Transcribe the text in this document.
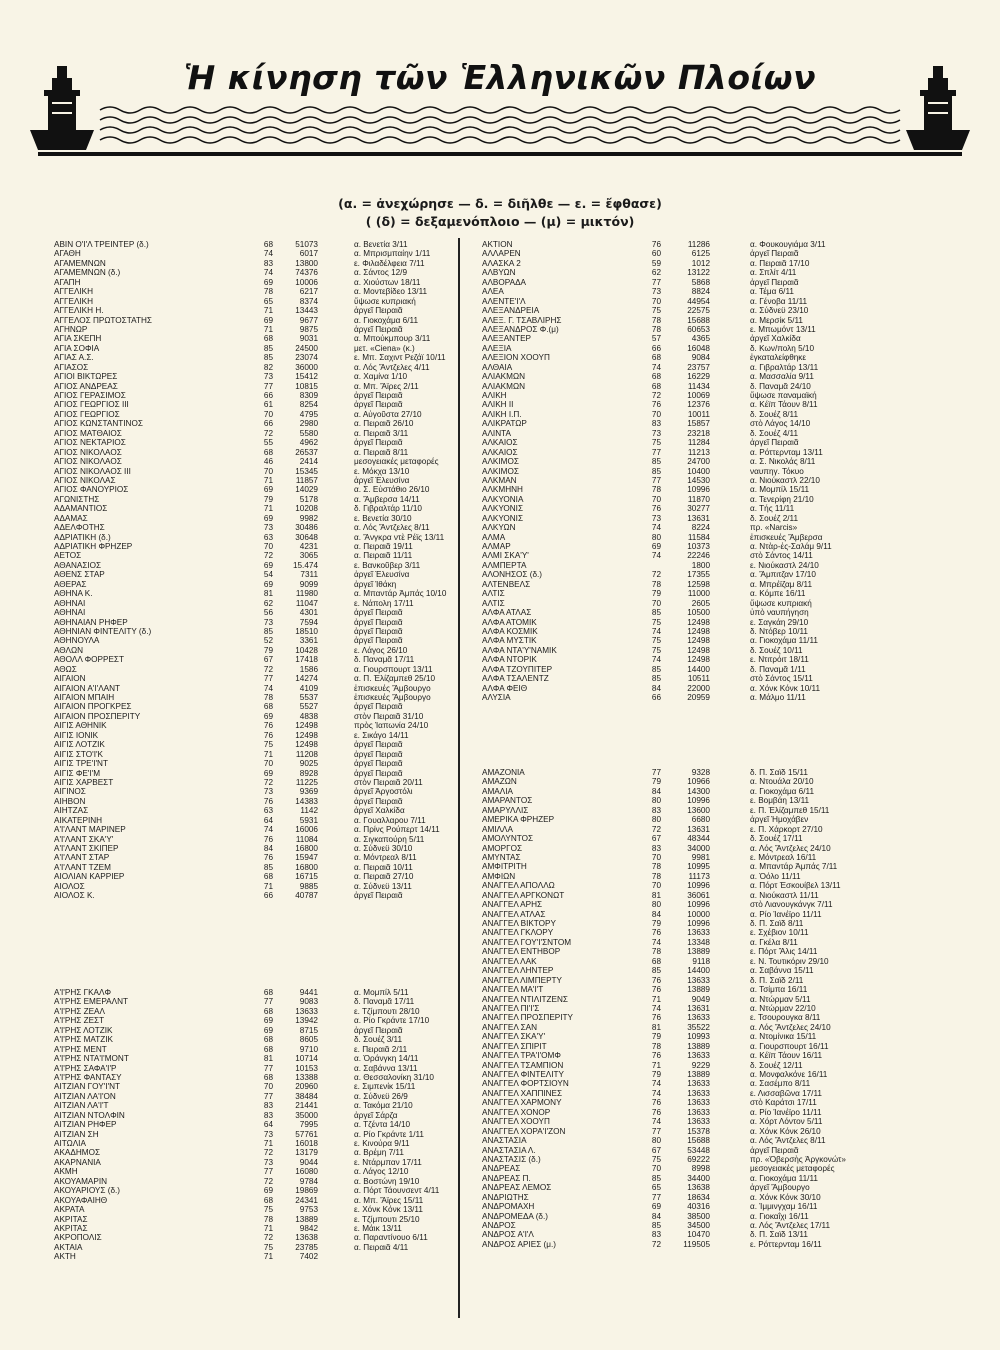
Ἡ κίνηση τῶν Ἑλληνικῶν Πλοίων
(α. = ἀνεχώρησε — δ. = διῆλθε — ε. = ἔφθασε)
( (δ) = δεξαμενόπλοιο — (μ) = μικτόν)
ΑΒΙΝ Ο'Ι'Λ ΤΡΕΙΝΤΕΡ (δ.)	68	51073	α. Βενετία 3/11
ΑΓΑΘΗ	74	6017	α. Μπρισμπαίην 1/11
ΑΓΑΜΕΜΝΩΝ	83	13800	ε. Φιλαδέλφεια 7/11
ΑΓΑΜΕΜΝΩΝ (δ.)	74	74376	α. Σάντος 12/9
ΑΓΑΠΗ	69	10006	α. Χιούστων 18/11
ΑΓΓΕΛΙΚΗ	78	6217	α. Μοντεβίδεο 13/11
ΑΓΓΕΛΙΚΗ	65	8374	ὕψωσε κυπριακή
ΑΓΓΕΛΙΚΗ Η.	71	13443	ἀργεῖ Πειραιᾶ
ΑΓΓΕΛΟΣ ΠΡΩΤΟΣΤΑΤΗΣ	69	9677	α. Γιοκοχάμα 6/11
ΑΓΗΝΩΡ	71	9875	ἀργεῖ Πειραιᾶ
ΑΓΙΑ ΣΚΕΠΗ	68	9031	α. Μπούκμπουρ 3/11
ΑΓΙΑ ΣΟΦΙΑ	85	24500	μετ. «Ciena» (κ.)
ΑΓΙΑΣ Α.Σ.	85	23074	ε. Μπ. Σαχιντ Ρεζάϊ 10/11
ΑΓΙΑΣΟΣ	82	36000	α. Λός Ἄντζελες 4/11
ΑΓΙΟΙ ΒΙΚΤΩΡΕΣ	73	15412	α. Χαμίνα 1/10
ΑΓΙΟΣ ΑΝΔΡΕΑΣ	77	10815	α. Μπ. Ἄϊρες 2/11
ΑΓΙΟΣ ΓΕΡΑΣΙΜΟΣ	66	8309	ἀργεῖ Πειραιᾶ
ΑΓΙΟΣ ΓΕΩΡΓΙΟΣ ΙΙΙ	61	8254	ἀργεῖ Πειραιᾶ
ΑΓΙΟΣ ΓΕΩΡΓΙΟΣ	70	4795	α. Αὐγοῦστα 27/10
ΑΓΙΟΣ ΚΩΝΣΤΑΝΤΙΝΟΣ	66	2980	α. Πειραιᾶ 26/10
ΑΓΙΟΣ ΜΑΤΘΑΙΟΣ	72	5580	α. Πειραιᾶ 3/11
ΑΓΙΟΣ ΝΕΚΤΑΡΙΟΣ	55	4962	ἀργεῖ Πειραιᾶ
ΑΓΙΟΣ ΝΙΚΟΛΑΟΣ	68	26537	α. Πειραιᾶ 8/11
ΑΓΙΟΣ ΝΙΚΟΛΑΟΣ	46	2414	μεσογειακές μεταφορές
ΑΓΙΟΣ ΝΙΚΟΛΑΟΣ ΙΙΙ	70	15345	ε. Μόκχα 13/10
ΑΓΙΟΣ ΝΙΚΟΛΑΣ	71	11857	ἀργεῖ Ἐλευσίνα
ΑΓΙΟΣ ΦΑΝΟΥΡΙΟΣ	69	14029	α. Σ. Εὐστάθιο 26/10
ΑΓΩΝΙΣΤΗΣ	79	5178	α. Ἄμβερσα 14/11
ΑΔΑΜΑΝΤΙΟΣ	71	10208	δ. Γιβραλτάρ 11/10
ΑΔΑΜΑΣ	69	9982	ε. Βενετία 30/10
ΑΔΕΛΦΟΤΗΣ	73	30486	α. Λός Ἄντζελες 8/11
ΑΔΡΙΑΤΙΚΗ (δ.)	63	30648	α. Ἄνγκρα ντὲ Ρέϊς 13/11
ΑΔΡΙΑΤΙΚΗ ΦΡΗΖΕΡ	70	4231	α. Πειραιᾶ 19/11
ΑΕΤΟΣ	72	3065	α. Πειραιᾶ 11/11
ΑΘΑΝΑΣΙΟΣ	69	15.474	ε. Βανκοῦβερ 3/11
ΑΘΕΝΣ ΣΤΑΡ	54	7311	ἀργεῖ Ἐλευσίνα
ΑΘΕΡΑΣ	69	9099	ἀργεῖ Ἰθάκη
ΑΘΗΝΑ Κ.	81	11980	α. Μπαντάρ Ἀμπάς 10/10
ΑΘΗΝΑΙ	62	11047	ε. Νάπολη 17/11
ΑΘΗΝΑΙ	56	4301	ἀργεῖ Πειραιᾶ
ΑΘΗΝΑΙΑΝ ΡΗΦΕΡ	73	7594	ἀργεῖ Πειραιᾶ
ΑΘΗΝΙΑΝ ΦΙΝΤΕΛΙΤΥ (δ.)	85	18510	ἀργεῖ Πειραιᾶ
ΑΘΗΝΟΥΛΑ	52	3361	ἀργεῖ Πειραιᾶ
ΑΘΛΩΝ	79	10428	ε. Λάγος 26/10
ΑΘΟΛΛ ΦΟΡΡΕΣΤ	67	17418	δ. Παναμᾶ 17/11
ΑΘΩΣ	72	1586	α. Γιουρσπουρτ 13/11
ΑΙΓΑΙΟΝ	77	14274	α. Π. Ἐλίζαμπεθ 25/10
ΑΙΓΑΙΟΝ Α'Ι'ΛΑΝΤ	74	4109	ἐπισκευές Ἄμβουργο
ΑΙΓΑΙΟΝ ΜΠΑΙΗ	78	5537	ἐπισκευές Ἄμβουργο
ΑΙΓΑΙΟΝ ΠΡΟΓΚΡΕΣ	68	5527	ἀργεῖ Πειραιᾶ
ΑΙΓΑΙΟΝ ΠΡΟΣΠΕΡΙΤΥ	69	4838	στὸν Πειραιᾶ 31/10
ΑΙΓΙΣ ΑΘΗΝΙΚ	76	12498	πρὸς Ἰαπωνία 24/10
ΑΙΓΙΣ ΙΟΝΙΚ	76	12498	ε. Σικάγο 14/11
ΑΙΓΙΣ ΛΟΤΖΙΚ	75	12498	ἀργεῖ Πειραιᾶ
ΑΙΓΙΣ ΣΤΟ'Ι'Κ	71	11208	ἀργεῖ Πειραιᾶ
ΑΙΓΙΣ ΤΡΕ'Ι'ΝΤ	70	9025	ἀργεῖ Πειραιᾶ
ΑΙΓΙΣ ΦΕ'Ι'Μ	69	8928	ἀργεῖ Πειραιᾶ
ΑΙΓΙΣ ΧΑΡΒΕΣΤ	72	11225	στὸν Πειραιᾶ 20/11
ΑΙΓΙΝΟΣ	73	9369	ἀργεῖ Ἀργοστόλι
ΑΙΗΒΟΝ	76	14383	ἀργεῖ Πειραιᾶ
ΑΙΗΤΖΑΣ	63	1142	ἀργεῖ Χαλκίδα
ΑΙΚΑΤΕΡΙΝΗ	64	5931	α. Γουαλλαρου 7/11
Α'Ι'ΛΑΝΤ ΜΑΡΙΝΕΡ	74	16006	α. Πρίνς Ρούπερτ 14/11
Α'Ι'ΛΑΝΤ ΣΚΑ'Υ'	76	11084	α. Σιγκαπούρη 5/11
Α'Ι'ΛΑΝΤ ΣΚΙΠΕΡ	84	16800	α. Σύδνεϋ 30/10
Α'Ι'ΛΑΝΤ ΣΤΑΡ	76	15947	α. Μόντρεαλ 8/11
Α'Ι'ΛΑΝΤ ΤΖΕΜ	85	16800	α. Πειραιᾶ 10/11
ΑΙΟΛΙΑΝ ΚΑΡΡΙΕΡ	68	16715	α. Πειραιᾶ 27/10
ΑΙΟΛΟΣ	71	9885	α. Σύδνεϋ 13/11
ΑΙΟΛΟΣ Κ.	66	40787	ἀργεῖ Πειραιᾶ
Α'Ι'ΡΗΣ ΓΚΑΛΦ	68	9441	α. Μομπίλ 5/11
Α'Ι'ΡΗΣ ΕΜΕΡΑΛΝΤ	77	9083	δ. Παναμᾶ 17/11
Α'Ι'ΡΗΣ ΖΕΑΛ	68	13633	ε. Τζίμπουτι 28/10
Α'Ι'ΡΗΣ ΖΕΣΤ	69	13942	α. Ρίο Γκράντε 17/10
Α'Ι'ΡΗΣ ΛΟΤΖΙΚ	69	8715	ἀργεῖ Πειραιᾶ
Α'Ι'ΡΗΣ ΜΑΤΖΙΚ	68	8605	δ. Σουέζ 3/11
Α'Ι'ΡΗΣ ΜΕΝΤ	68	9710	ε. Πειραιᾶ 2/11
Α'Ι'ΡΗΣ ΝΤΑ'Ι'ΜΟΝΤ	81	10714	α. Ὀράνγκη 14/11
Α'Ι'ΡΗΣ ΣΑΦΑ'Ι'Ρ	77	10153	α. Σαβάννα 13/11
Α'Ι'ΡΗΣ ΦΑΝΤΑΣΥ	68	13388	α. Θεσσαλονίκη 31/10
ΑΙΤΖΙΑΝ ΓΟΥ'Ι'ΝΤ	70	20960	ε. Σιμπενίκ 15/11
ΑΙΤΖΙΑΝ ΛΑ'Ι'ΟΝ	77	38484	α. Σύδνεϋ 26/9
ΑΙΤΖΙΑΝ ΛΑ'Ι'Τ	83	21441	α. Τακόμα 21/10
ΑΙΤΖΙΑΝ ΝΤΟΛΦΙΝ	83	35000	ἀργεῖ Σάρζα
ΑΙΤΖΙΑΝ ΡΗΦΕΡ	64	7995	α. Τζέντα 14/10
ΑΙΤΖΙΑΝ ΣΗ	73	57761	α. Ρίο Γκράντε 1/11
ΑΙΤΩΛΙΑ	71	16018	ε. Κινούρα 9/11
ΑΚΑΔΗΜΟΣ	72	13179	α. Βρέμη 7/11
ΑΚΑΡΝΑΝΙΑ	73	9044	ε. Ντάρμπαν 17/11
ΑΚΜΗ	77	16080	α. Λάγος 12/10
ΑΚΟΥΑΜΑΡΙΝ	72	9784	α. Βοστώνη 19/10
ΑΚΟΥΑΡΙΟΥΣ (δ.)	69	19869	α. Πόρτ Τάουνσεντ 4/11
ΑΚΟΥΑΦΑΙΗΘ	68	24341	α. Μπ. Ἄϊρες 15/11
ΑΚΡΑΤΑ	75	9753	ε. Χόνκ Κόνκ 13/11
ΑΚΡΙΤΑΣ	78	13889	ε. Τζίμπουτι 25/10
ΑΚΡΙΤΑΣ	71	9842	ε. Μάικ 13/11
ΑΚΡΟΠΟΛΙΣ	72	13638	α. Παραντίνουο 6/11
ΑΚΤΑΙΑ	75	23785	α. Πειραιᾶ 4/11
ΑΚΤΗ	71	7402
ΑΚΤΙΟΝ	76	11286	α. Φουκουγιάμα 3/11
ΑΛΛΑΡΕΝ	60	6125	ἀργεῖ Πειραιᾶ
ΑΛΑΣΚΑ 2	59	1012	α. Πειραιᾶ 17/10
ΑΛΒΥΩΝ	62	13122	α. Σπλίτ 4/11
ΑΛΒΟΡΑΔΑ	77	5868	ἀργεῖ Πειραιᾶ
ΑΛΕΑ	73	8824	α. Τέμα 6/11
ΑΛΕΝΤΕ'Ι'Λ	70	44954	α. Γένοβα 11/11
ΑΛΕΞΑΝΔΡΕΙΑ	75	22575	α. Σύδνεϋ 23/10
ΑΛΕΞ. Γ. ΤΣΑΒΛΙΡΗΣ	78	15688	α. Μερσίκ 5/11
ΑΛΕΞΑΝΔΡΟΣ Φ.(μ)	78	60653	ε. Μπωμόντ 13/11
ΑΛΕΞΑΝΤΕΡ	57	4365	ἀργεῖ Χαλκίδα
ΑΛΕΞΙΑ	66	16048	δ. Κων/πολη 5/10
ΑΛΕΞΙΟΝ ΧΟΟΥΠ	68	9084	ἐγκαταλείφθηκε
ΑΛΘΑΙΑ	74	23757	α. Γιβραλτάρ 13/11
ΑΛΙΑΚΜΩΝ	68	16229	α. Μασσαλία 9/11
ΑΛΙΑΚΜΩΝ	68	11434	δ. Παναμᾶ 24/10
ΑΛΙΚΗ	72	10069	ὕψωσε παναμαϊκή
ΑΛΙΚΗ ΙΙ	76	12376	α. Κέϊπ Τάουν 8/11
ΑΛΙΚΗ Ι.Π.	70	10011	δ. Σουέζ 8/11
ΑΛΙΚΡΑΤΩΡ	83	15857	στὸ Λάγος 14/10
ΑΛΙΝΤΑ	73	23218	δ. Σουέζ 4/11
ΑΛΚΑΙΟΣ	75	11284	ἀργεῖ Πειραιᾶ
ΑΛΚΑΙΟΣ	77	11213	α. Ρόττερνταμ 13/11
ΑΛΚΙΜΟΣ	85	24700	α. Σ. Νικολάς 8/11
ΑΛΚΙΜΟΣ	85	10400	ναυπηγ. Τόκυο
ΑΛΚΜΑΝ	77	14530	α. Νιούκαστλ 22/10
ΑΛΚΜΗΝΗ	78	10996	α. Μομπίλ 15/11
ΑΛΚΥΟΝΙΑ	70	11870	α. Τενερίφη 21/10
ΑΛΚΥΟΝΙΣ	76	30277	α. Τής 11/11
ΑΛΚΥΟΝΙΣ	73	13631	δ. Σουέζ 2/11
ΑΛΚΥΩΝ	74	8224	πρ. «Narcis»
ΑΛΜΑ	80	11584	ἐπισκευές Ἄμβερσα
ΑΛΜΑΡ	69	10373	α. Ντὰρ-ἐς-Σαλάμ 9/11
ΑΛΜΙ ΣΚΑ'Υ'	74	22246	στὸ Σάντος 14/11
ΑΛΜΠΕΡΤΑ	1800	ε. Νιούκαστλ 24/10
ΑΛΟΝΗΣΟΣ (δ.)	72	17355	α. Ἄμπιτζαν 17/10
ΑΛΤΕΝΒΕΛΣ	78	12598	α. Μπρέϊζαμ 8/11
ΑΛΤΙΣ	79	11000	α. Κόμπε 16/11
ΑΛΤΙΣ	70	2605	ὕψωσε κυπριακή
ΑΛΦΑ ΑΤΛΑΣ	85	10500	ὑπὸ ναυπήγηση
ΑΛΦΑ ΑΤΟΜΙΚ	75	12498	ε. Σαγκάη 29/10
ΑΛΦΑ ΚΟΣΜΙΚ	74	12498	δ. Ντόβερ 10/11
ΑΛΦΑ ΜΥΣΤΙΚ	75	12498	α. Γιοκοχάμα 11/11
ΑΛΦΑ ΝΤΑ'Υ'ΝΑΜΙΚ	75	12498	δ. Σουέζ 10/11
ΑΛΦΑ ΝΤΟΡΙΚ	74	12498	ε. Ντιτρόιτ 18/11
ΑΛΦΑ ΤΖΟΥΠΙΤΕΡ	85	14400	δ. Παναμᾶ 1/11
ΑΛΦΑ ΤΣΑΛΕΝΤΖ	85	10511	στὸ Σάντος 15/11
ΑΛΦΑ ΦΕΙΘ	84	22000	α. Χόνκ Κόνκ 10/11
ΑΛΥΣΙΑ	66	20959	α. Μάλμο 11/11
ΑΜΑΖΟΝΙΑ	77	9328	δ. Π. Σαϊδ 15/11
ΑΜΑΖΩΝ	79	10966	α. Ντουάλα 20/10
ΑΜΑΛΙΑ	84	14300	α. Γιοκοχάμα 6/11
ΑΜΑΡΑΝΤΟΣ	80	10996	ε. Βομβάη 13/11
ΑΜΑΡΥΛΛΙΣ	83	13600	ε. Π. Ἐλίζαμπεθ 15/11
ΑΜΕΡΙΚΑ ΦΡΗΖΕΡ	80	6680	ἀργεῖ Ἡμοχάβεν
ΑΜΙΛΛΑ	72	13631	ε. Π. Χάρκορτ 27/10
ΑΜΟΛΥΝΤΟΣ	67	48344	δ. Σουέζ 17/11
ΑΜΟΡΓΟΣ	83	34000	α. Λός Ἄντζελες 24/10
ΑΜΥΝΤΑΣ	70	9981	ε. Μόντρεαλ 16/11
ΑΜΦΙΤΡΙΤΗ	78	10995	α. Μπαντάρ Ἀμπάς 7/11
ΑΜΦΙΩΝ	78	11173	α. Ὀόλο 11/11
ΑΝΑΓΓΕΛ ΑΠΟΛΛΩ	70	10996	α. Πόρτ Ἐσκουίβελ 13/11
ΑΝΑΓΓΕΛ ΑΡΓΚΟΝΩΤ	81	36061	α. Νιούκαστλ 11/11
ΑΝΑΓΓΕΛ ΑΡΗΣ	80	10996	στὸ Λιανουγκάνγκ 7/11
ΑΝΑΓΓΕΛ ΑΤΛΑΣ	84	10000	α. Ρίο Ἰανέϊρο 11/11
ΑΝΑΓΓΕΛ ΒΙΚΤΟΡΥ	79	10996	δ. Π. Σαϊδ 8/11
ΑΝΑΓΓΕΛ ΓΚΛΟΡΥ	76	13633	ε. Σχέβιον 10/11
ΑΝΑΓΓΕΛ ΓΟΥ'Ι'ΣΝΤΟΜ	74	13348	α. Γκέλα 8/11
ΑΝΑΓΓΕΛ ΕΝΤΗΒΟΡ	78	13889	ε. Πόρτ Ἄλις 14/11
ΑΝΑΓΓΕΛ ΛΑΚ	68	9118	ε. Ν. Τουτικόριν 29/10
ΑΝΑΓΓΕΛ ΛΗΝΤΕΡ	85	14400	α. Σαβάννα 15/11
ΑΝΑΓΓΕΛ ΛΙΜΠΕΡΤΥ	76	13633	δ. Π. Σαϊδ 2/11
ΑΝΑΓΓΕΛ ΜΑ'Ι'Τ	76	13889	α. Τσίμπα 16/11
ΑΝΑΓΓΕΛ ΝΤΙΛΙΤΖΕΝΣ	71	9049	α. Ντώρμαν 5/11
ΑΝΑΓΓΕΛ ΠΙ'Ι'Σ	74	13631	α. Ντώρμαν 22/10
ΑΝΑΓΓΕΛ ΠΡΟΣΠΕΡΙΤΥ	76	13633	ε. Τσουρουγκα 8/11
ΑΝΑΓΓΕΛ ΣΑΝ	81	35522	α. Λός Ἄντζελες 24/10
ΑΝΑΓΓΕΛ ΣΚΑ'Υ'	79	10993	α. Ντομίνικα 15/11
ΑΝΑΓΓΕΛ ΣΠΙΡΙΤ	78	13889	α. Γιουρσπουρτ 16/11
ΑΝΑΓΓΕΛ ΤΡΑ'Ι'ΟΜΦ	76	13633	α. Κέϊπ Τάουν 16/11
ΑΝΑΓΓΕΛ ΤΣΑΜΠΙΟΝ	71	9229	δ. Σουέζ 12/11
ΑΝΑΓΓΕΛ ΦΙΝΤΕΛΙΤΥ	79	13889	α. Μονφαλκόνε 16/11
ΑΝΑΓΓΕΛ ΦΟΡΤΣΙΟΥΝ	74	13633	α. Σασέμπο 8/11
ΑΝΑΓΓΕΛ ΧΑΠΠΙΝΕΣ	74	13633	ε. Λισσαβῶνα 17/11
ΑΝΑΓΓΕΛ ΧΑΡΜΟΝΥ	76	13633	στὸ Καράτσι 17/11
ΑΝΑΓΓΕΛ ΧΟΝΟΡ	76	13633	α. Ρίο Ἰανέϊρο 11/11
ΑΝΑΓΓΕΛ ΧΟΟΥΠ	74	13633	α. Χόρτ Λόντον 5/11
ΑΝΑΓΓΕΛ ΧΟΡΑ'Ι'ΖΟΝ	77	15378	α. Χόνκ Κόνκ 26/10
ΑΝΑΣΤΑΣΙΑ	80	15688	α. Λός Ἄντζελες 8/11
ΑΝΑΣΤΑΣΙΑ Λ.	67	53448	ἀργεῖ Πειραιᾶ
ΑΝΑΣΤΑΣΙΣ (δ.)	75	69222	πρ. «Ὀβερσὴς Ἀργκονώτ»
ΑΝΔΡΕΑΣ	70	8998	μεσογειακές μεταφορές
ΑΝΔΡΕΑΣ Π.	85	34400	α. Γιοκοχάμα 11/11
ΑΝΔΡΕΑΣ ΛΕΜΟΣ	65	13638	ἀργεῖ Ἄμβουργο
ΑΝΔΡΙΩΤΗΣ	77	18634	α. Χόνκ Κόνκ 30/10
ΑΝΔΡΟΜΑΧΗ	69	40316	α. Ἰμμινγχαμ 16/11
ΑΝΔΡΟΜΕΔΑ (δ.)	84	38500	α. Γιοκαΐχι 16/11
ΑΝΔΡΟΣ	85	34500	α. Λός Ἄντζελες 17/11
ΑΝΔΡΟΣ Α'Ι'Λ	83	10470	δ. Π. Σαϊδ 13/11
ΑΝΔΡΟΣ ΑΡΙΕΣ (μ.)	72	119505	ε. Ρόττερνταμ 16/11
